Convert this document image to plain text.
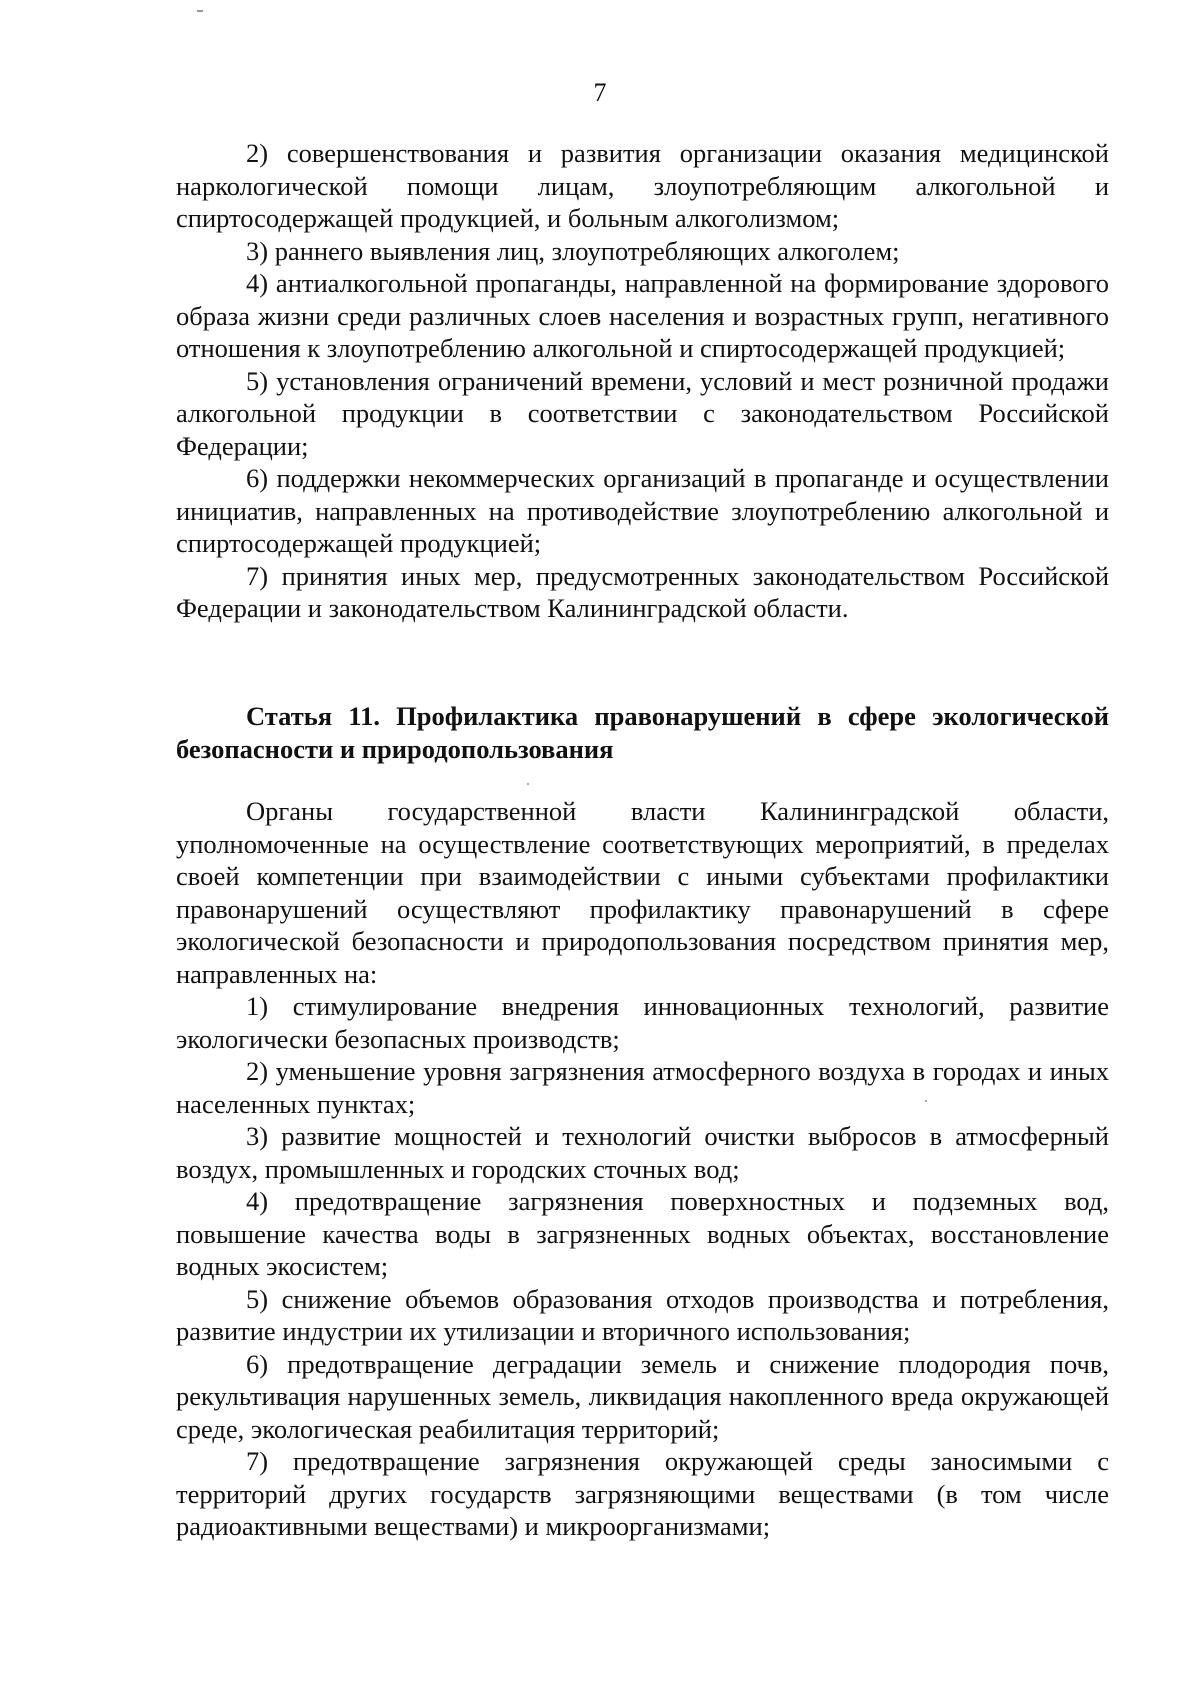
7

2) совершенствования и развития организации оказания медицинской наркологической помощи лицам, злоупотребляющим алкогольной и спиртосодержащей продукцией, и больным алкоголизмом;

3) раннего выявления лиц, злоупотребляющих алкоголем;

4) антиалкогольной пропаганды, направленной на формирование здорового образа жизни среди различных слоев населения и возрастных групп, негативного отношения к злоупотреблению алкогольной и спиртосодержащей продукцией;

5) установления ограничений времени, условий и мест розничной продажи алкогольной продукции в соответствии с законодательством Российской Федерации;

6) поддержки некоммерческих организаций в пропаганде и осуществлении инициатив, направленных на противодействие злоупотреблению алкогольной и спиртосодержащей продукцией;

7) принятия иных мер, предусмотренных законодательством Российской Федерации и законодательством Калининградской области.

Статья 11. Профилактика правонарушений в сфере экологической безопасности и природопользования

Органы государственной власти Калининградской области, уполномоченные на осуществление соответствующих мероприятий, в пределах своей компетенции при взаимодействии с иными субъектами профилактики правонарушений осуществляют профилактику правонарушений в сфере экологической безопасности и природопользования посредством принятия мер, направленных на:

1) стимулирование внедрения инновационных технологий, развитие экологически безопасных производств;

2) уменьшение уровня загрязнения атмосферного воздуха в городах и иных населенных пунктах;

3) развитие мощностей и технологий очистки выбросов в атмосферный воздух, промышленных и городских сточных вод;

4) предотвращение загрязнения поверхностных и подземных вод, повышение качества воды в загрязненных водных объектах, восстановление водных экосистем;

5) снижение объемов образования отходов производства и потребления, развитие индустрии их утилизации и вторичного использования;

6) предотвращение деградации земель и снижение плодородия почв, рекультивация нарушенных земель, ликвидация накопленного вреда окружающей среде, экологическая реабилитация территорий;

7) предотвращение загрязнения окружающей среды заносимыми с территорий других государств загрязняющими веществами (в том числе радиоактивными веществами) и микроорганизмами;
